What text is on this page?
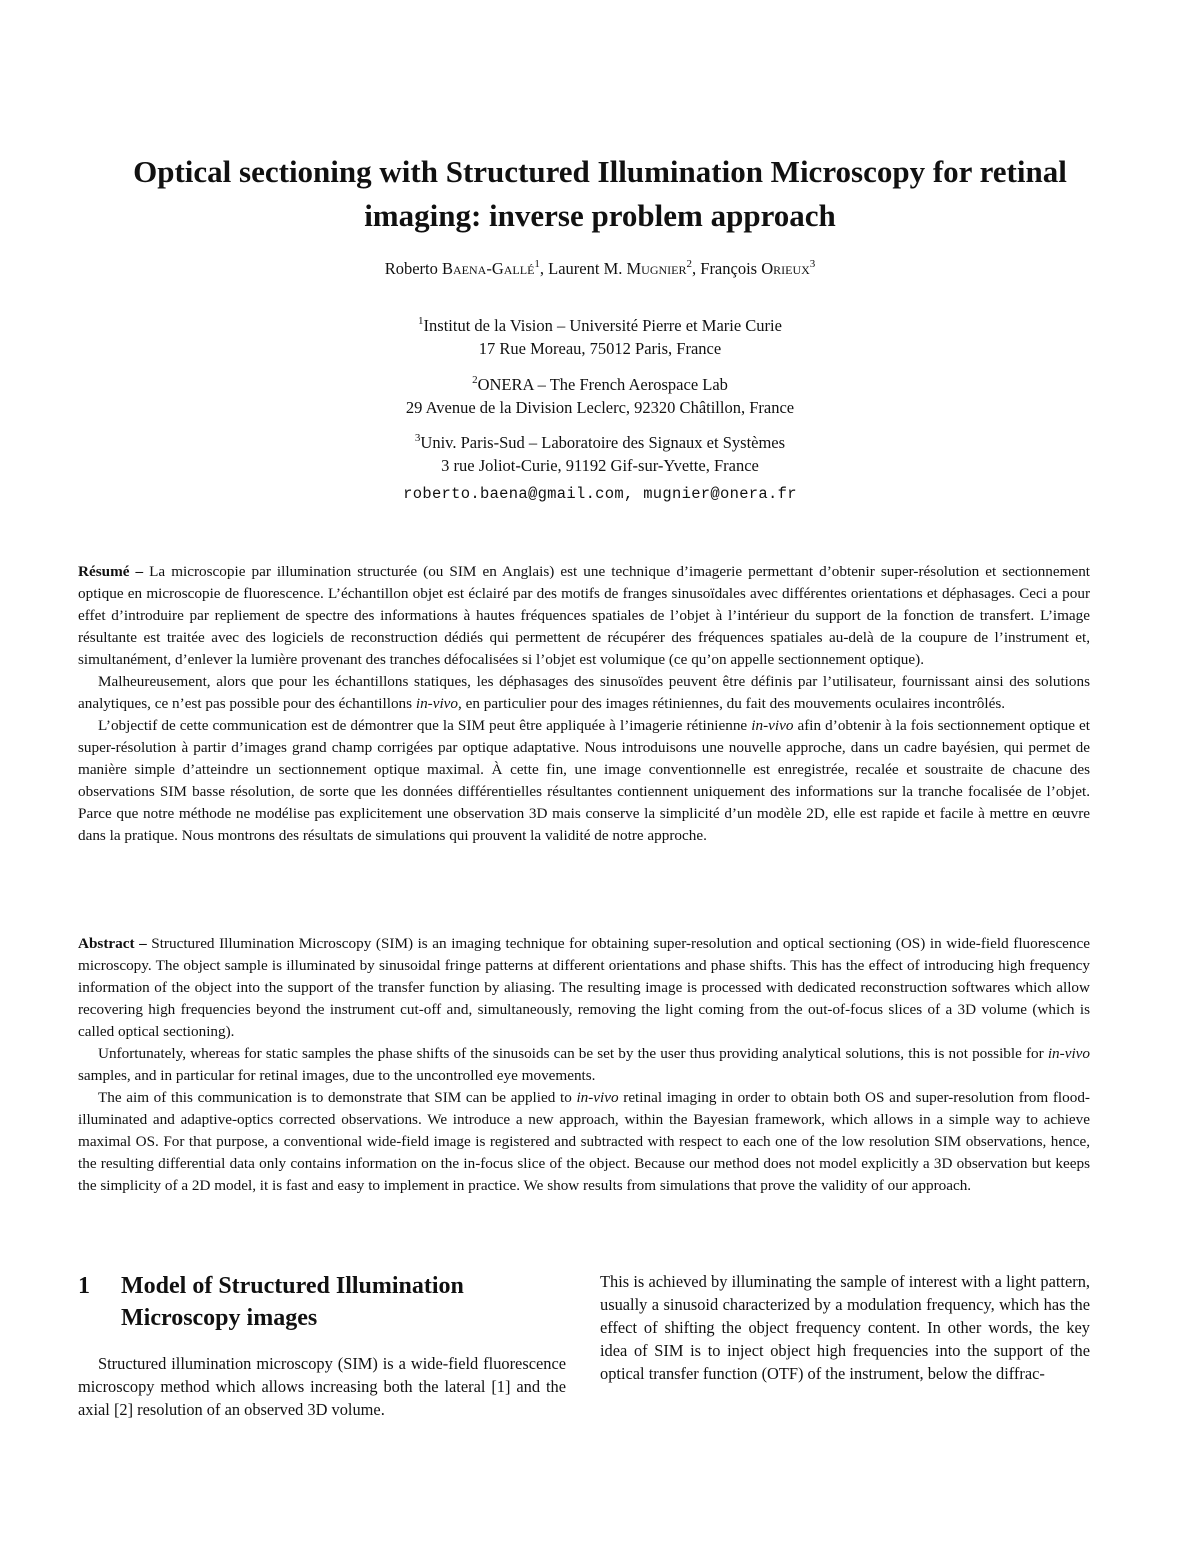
Optical sectioning with Structured Illumination Microscopy for retinal imaging: inverse problem approach
Roberto Baena-Gallé$^1$, Laurent M. Mugnier$^2$, François Orieux$^3$

$^1$Institut de la Vision – Université Pierre et Marie Curie

17 Rue Moreau, 75012 Paris, France

$^2$ONERA – The French Aerospace Lab

29 Avenue de la Division Leclerc, 92320 Châtillon, France

$^3$Univ. Paris-Sud – Laboratoire des Signaux et Systèmes

3 rue Joliot-Curie, 91192 Gif-sur-Yvette, France

roberto.baena@gmail.com, mugnier@onera.fr

Résumé – La microscopie par illumination structurée (ou SIM en Anglais) est une technique d’imagerie permettant d’obtenir super-résolution et sectionnement optique en microscopie de fluorescence. L’échantillon objet est éclairé par des motifs de franges sinusoïdales avec différentes orientations et déphasages. Ceci a pour effet d’introduire par repliement de spectre des informations à hautes fréquences spatiales de l’objet à l’intérieur du support de la fonction de transfert. L’image résultante est traitée avec des logiciels de reconstruction dédiés qui permettent de récupérer des fréquences spatiales au-delà de la coupure de l’instrument et, simultanément, d’enlever la lumière provenant des tranches défocalisées si l’objet est volumique (ce qu’on appelle sectionnement optique).

Malheureusement, alors que pour les échantillons statiques, les déphasages des sinusoïdes peuvent être définis par l’utilisateur, fournissant ainsi des solutions analytiques, ce n’est pas possible pour des échantillons in-vivo, en particulier pour des images rétiniennes, du fait des mouvements oculaires incontrôlés.

L’objectif de cette communication est de démontrer que la SIM peut être appliquée à l’imagerie rétinienne in-vivo afin d’obtenir à la fois sectionnement optique et super-résolution à partir d’images grand champ corrigées par optique adaptative. Nous introduisons une nouvelle approche, dans un cadre bayésien, qui permet de manière simple d’atteindre un sectionnement optique maximal. À cette fin, une image conventionnelle est enregistrée, recalée et soustraite de chacune des observations SIM basse résolution, de sorte que les données différentielles résultantes contiennent uniquement des informations sur la tranche focalisée de l’objet. Parce que notre méthode ne modélise pas explicitement une observation 3D mais conserve la simplicité d’un modèle 2D, elle est rapide et facile à mettre en œuvre dans la pratique. Nous montrons des résultats de simulations qui prouvent la validité de notre approche.

Abstract – Structured Illumination Microscopy (SIM) is an imaging technique for obtaining super-resolution and optical sectioning (OS) in wide-field fluorescence microscopy. The object sample is illuminated by sinusoidal fringe patterns at different orientations and phase shifts. This has the effect of introducing high frequency information of the object into the support of the transfer function by aliasing. The resulting image is processed with dedicated reconstruction softwares which allow recovering high frequencies beyond the instrument cut-off and, simultaneously, removing the light coming from the out-of-focus slices of a 3D volume (which is called optical sectioning).

Unfortunately, whereas for static samples the phase shifts of the sinusoids can be set by the user thus providing analytical solutions, this is not possible for in-vivo samples, and in particular for retinal images, due to the uncontrolled eye movements.

The aim of this communication is to demonstrate that SIM can be applied to in-vivo retinal imaging in order to obtain both OS and super-resolution from flood-illuminated and adaptive-optics corrected observations. We introduce a new approach, within the Bayesian framework, which allows in a simple way to achieve maximal OS. For that purpose, a conventional wide-field image is registered and subtracted with respect to each one of the low resolution SIM observations, hence, the resulting differential data only contains information on the in-focus slice of the object. Because our method does not model explicitly a 3D observation but keeps the simplicity of a 2D model, it is fast and easy to implement in practice. We show results from simulations that prove the validity of our approach.

1	Model of Structured Illumination Microscopy images

Structured illumination microscopy (SIM) is a wide-field fluorescence microscopy method which allows increasing both the lateral [1] and the axial [2] resolution of an observed 3D volume.

This is achieved by illuminating the sample of interest with a light pattern, usually a sinusoid characterized by a modulation frequency, which has the effect of shifting the object frequency content. In other words, the key idea of SIM is to inject object high frequencies into the support of the optical transfer function (OTF) of the instrument, below the diffrac-
